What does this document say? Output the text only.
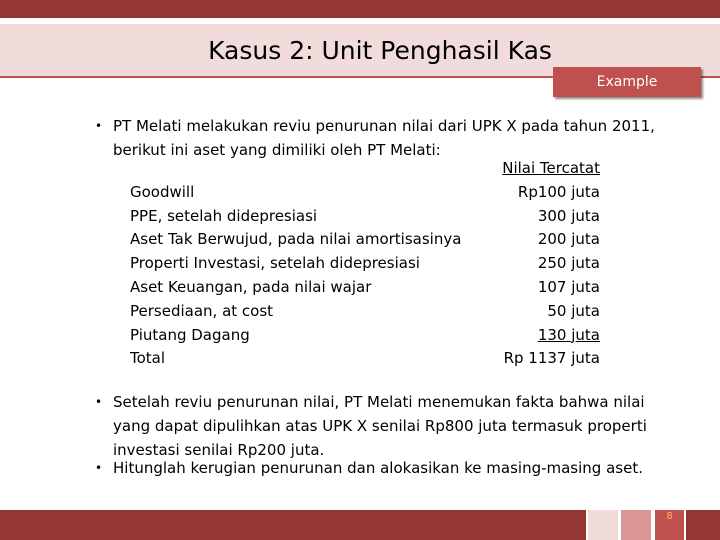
Kasus 2: Unit Penghasil Kas
Example
• PT Melati melakukan reviu penurunan nilai dari UPK X pada tahun 2011, berikut ini aset yang dimiliki oleh PT Melati:
Nilai Tercatat
Goodwill	Rp100 juta
PPE, setelah didepresiasi	300 juta
Aset Tak Berwujud, pada nilai amortisasinya	200 juta
Properti Investasi, setelah didepresiasi	250 juta
Aset Keuangan, pada nilai wajar	107 juta
Persediaan, at cost	50 juta
Piutang Dagang	130 juta
Total	Rp 1137 juta
• Setelah reviu penurunan nilai, PT Melati menemukan fakta bahwa nilai yang dapat dipulihkan atas UPK X senilai Rp800 juta termasuk properti investasi senilai Rp200 juta.
• Hitunglah kerugian penurunan dan alokasikan ke masing-masing aset.
8
